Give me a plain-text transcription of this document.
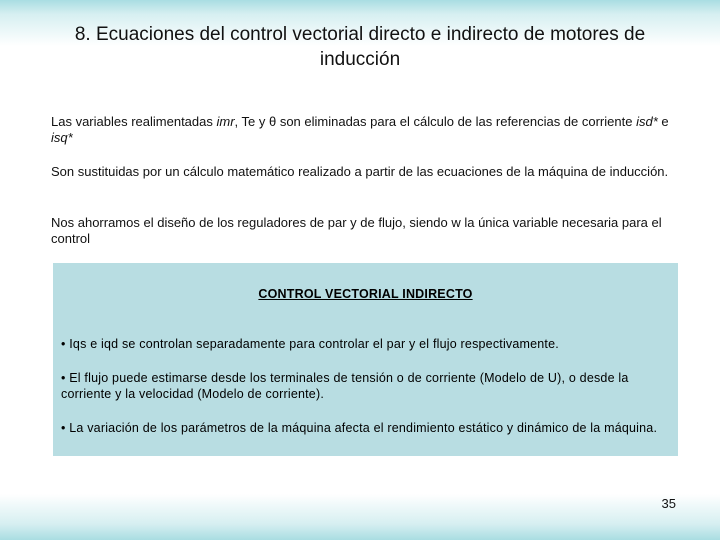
8. Ecuaciones del control vectorial directo e indirecto de motores de inducción
Las variables realimentadas imr, Te y θ son eliminadas para el cálculo de las referencias de corriente isd* e isq*
Son sustituidas por un cálculo matemático realizado a partir de las ecuaciones de la máquina de inducción.
Nos ahorramos el diseño de los reguladores de par y de flujo, siendo w la única variable necesaria para el control
CONTROL VECTORIAL INDIRECTO
• Iqs e iqd se controlan separadamente para controlar el par y el flujo respectivamente.
• El flujo puede estimarse desde los terminales de tensión o de corriente (Modelo de U), o desde la corriente y la velocidad (Modelo de corriente).
• La variación de los parámetros de la máquina afecta el rendimiento estático y dinámico de la máquina.
35
